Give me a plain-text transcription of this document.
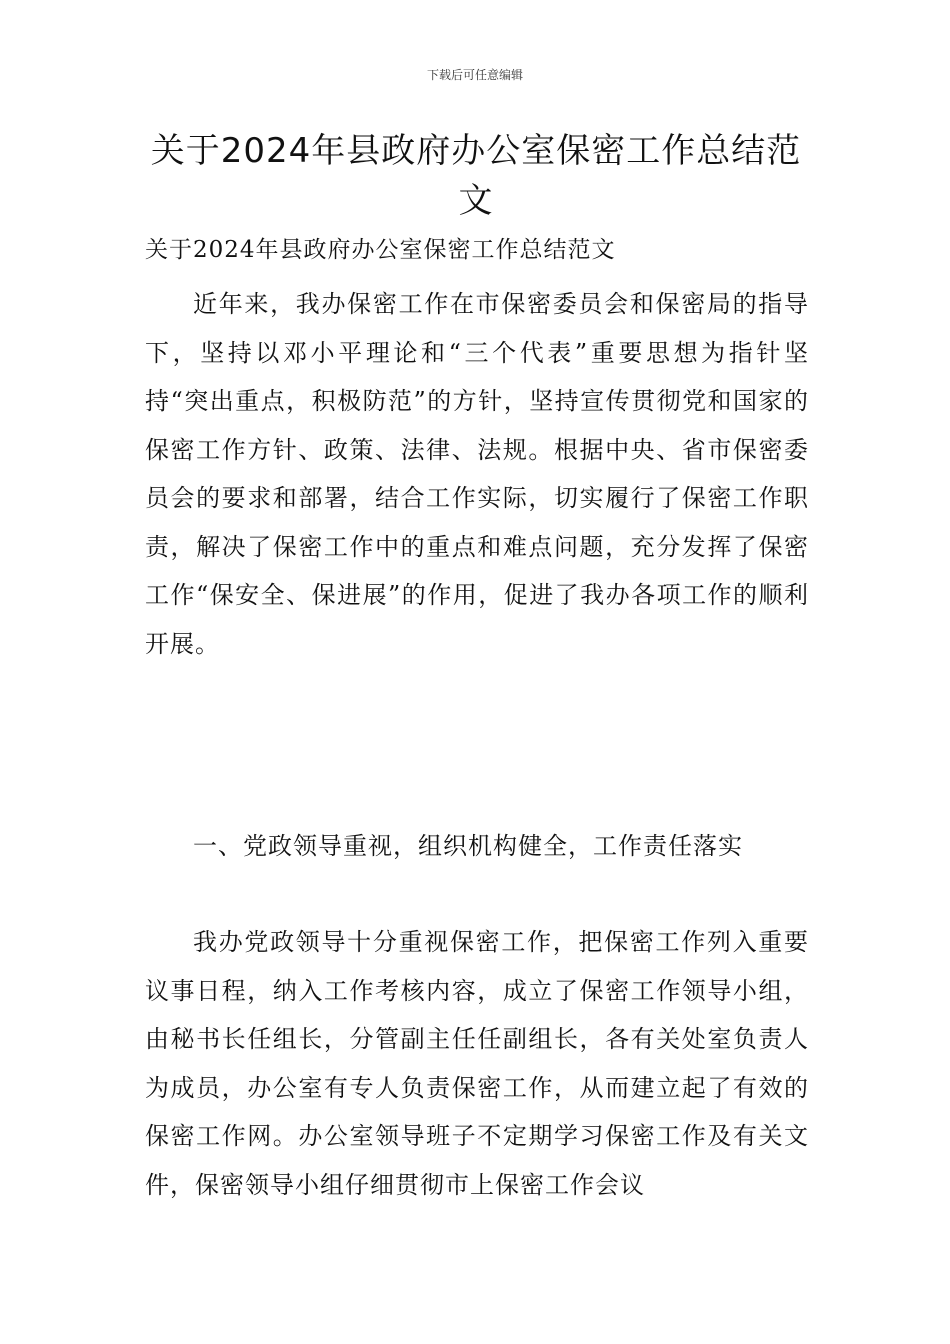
下载后可任意编辑
关于2024年县政府办公室保密工作总结范文

关于2024年县政府办公室保密工作总结范文

近年来，我办保密工作在市保密委员会和保密局的指导下，坚持以邓小平理论和“三个代表”重要思想为指针坚持“突出重点，积极防范”的方针，坚持宣传贯彻党和国家的保密工作方针、政策、法律、法规。根据中央、省市保密委员会的要求和部署，结合工作实际，切实履行了保密工作职责，解决了保密工作中的重点和难点问题，充分发挥了保密工作“保安全、保进展”的作用，促进了我办各项工作的顺利开展。

一、党政领导重视，组织机构健全，工作责任落实

我办党政领导十分重视保密工作，把保密工作列入重要议事日程，纳入工作考核内容，成立了保密工作领导小组，由秘书长任组长，分管副主任任副组长，各有关处室负责人为成员，办公室有专人负责保密工作，从而建立起了有效的保密工作网。办公室领导班子不定期学习保密工作及有关文件，保密领导小组仔细贯彻市上保密工作会议
